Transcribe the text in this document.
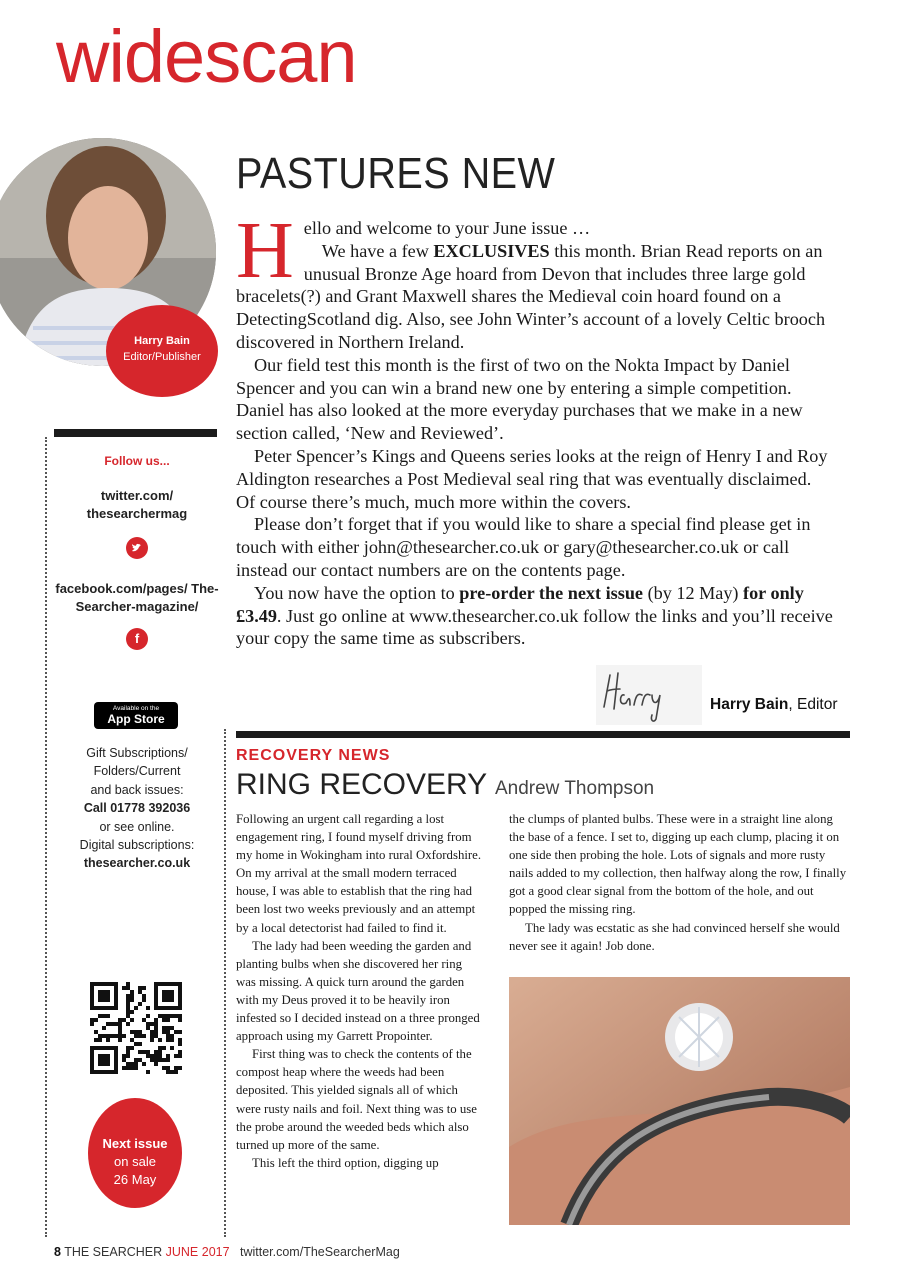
widescan
Harry Bain
Editor/Publisher
Follow us...
twitter.com/ thesearchermag
facebook.com/pages/ The-Searcher-magazine/
f
Available on the
App Store
Gift Subscriptions/
Folders/Current
and back issues:
Call 01778 392036
or see online.
Digital subscriptions:
thesearcher.co.uk
Next issue
on sale
26 May
PASTURES NEW

Hello and welcome to your June issue …

We have a few EXCLUSIVES this month. Brian Read reports on an unusual Bronze Age hoard from Devon that includes three large gold bracelets(?) and Grant Maxwell shares the Medieval coin hoard found on a DetectingScotland dig. Also, see John Winter’s account of a lovely Celtic brooch discovered in Northern Ireland.

Our field test this month is the first of two on the Nokta Impact by Daniel Spencer and you can win a brand new one by entering a simple competition. Daniel has also looked at the more everyday purchases that we make in a new section called, ‘New and Reviewed’.

Peter Spencer’s Kings and Queens series looks at the reign of Henry I and Roy Aldington researches a Post Medieval seal ring that was eventually disclaimed. Of course there’s much, much more within the covers.

Please don’t forget that if you would like to share a special find please get in touch with either john@thesearcher.co.uk or gary@thesearcher.co.uk or call instead our contact numbers are on the contents page.

You now have the option to pre-order the next issue (by 12 May) for only £3.49. Just go online at www.thesearcher.co.uk follow the links and you’ll receive your copy the same time as subscribers.

Harry Bain, Editor
RECOVERY NEWS
RING RECOVERY Andrew Thompson

Following an urgent call regarding a lost engagement ring, I found myself driving from my home in Wokingham into rural Oxfordshire. On my arrival at the small modern terraced house, I was able to establish that the ring had been lost two weeks previously and an attempt by a local detectorist had failed to find it.

The lady had been weeding the garden and planting bulbs when she discovered her ring was missing. A quick turn around the garden with my Deus proved it to be heavily iron infested so I decided instead on a three pronged approach using my Garrett Propointer.

First thing was to check the contents of the compost heap where the weeds had been deposited. This yielded signals all of which were rusty nails and foil. Next thing was to use the probe around the weeded beds which also turned up more of the same.

This left the third option, digging up

the clumps of planted bulbs. These were in a straight line along the base of a fence. I set to, digging up each clump, placing it on one side then probing the hole. Lots of signals and more rusty nails added to my collection, then halfway along the row, I finally got a good clear signal from the bottom of the hole, and out popped the missing ring.

The lady was ecstatic as she had convinced herself she would never see it again! Job done.

8 THE SEARCHER JUNE 2017 twitter.com/TheSearcherMag
